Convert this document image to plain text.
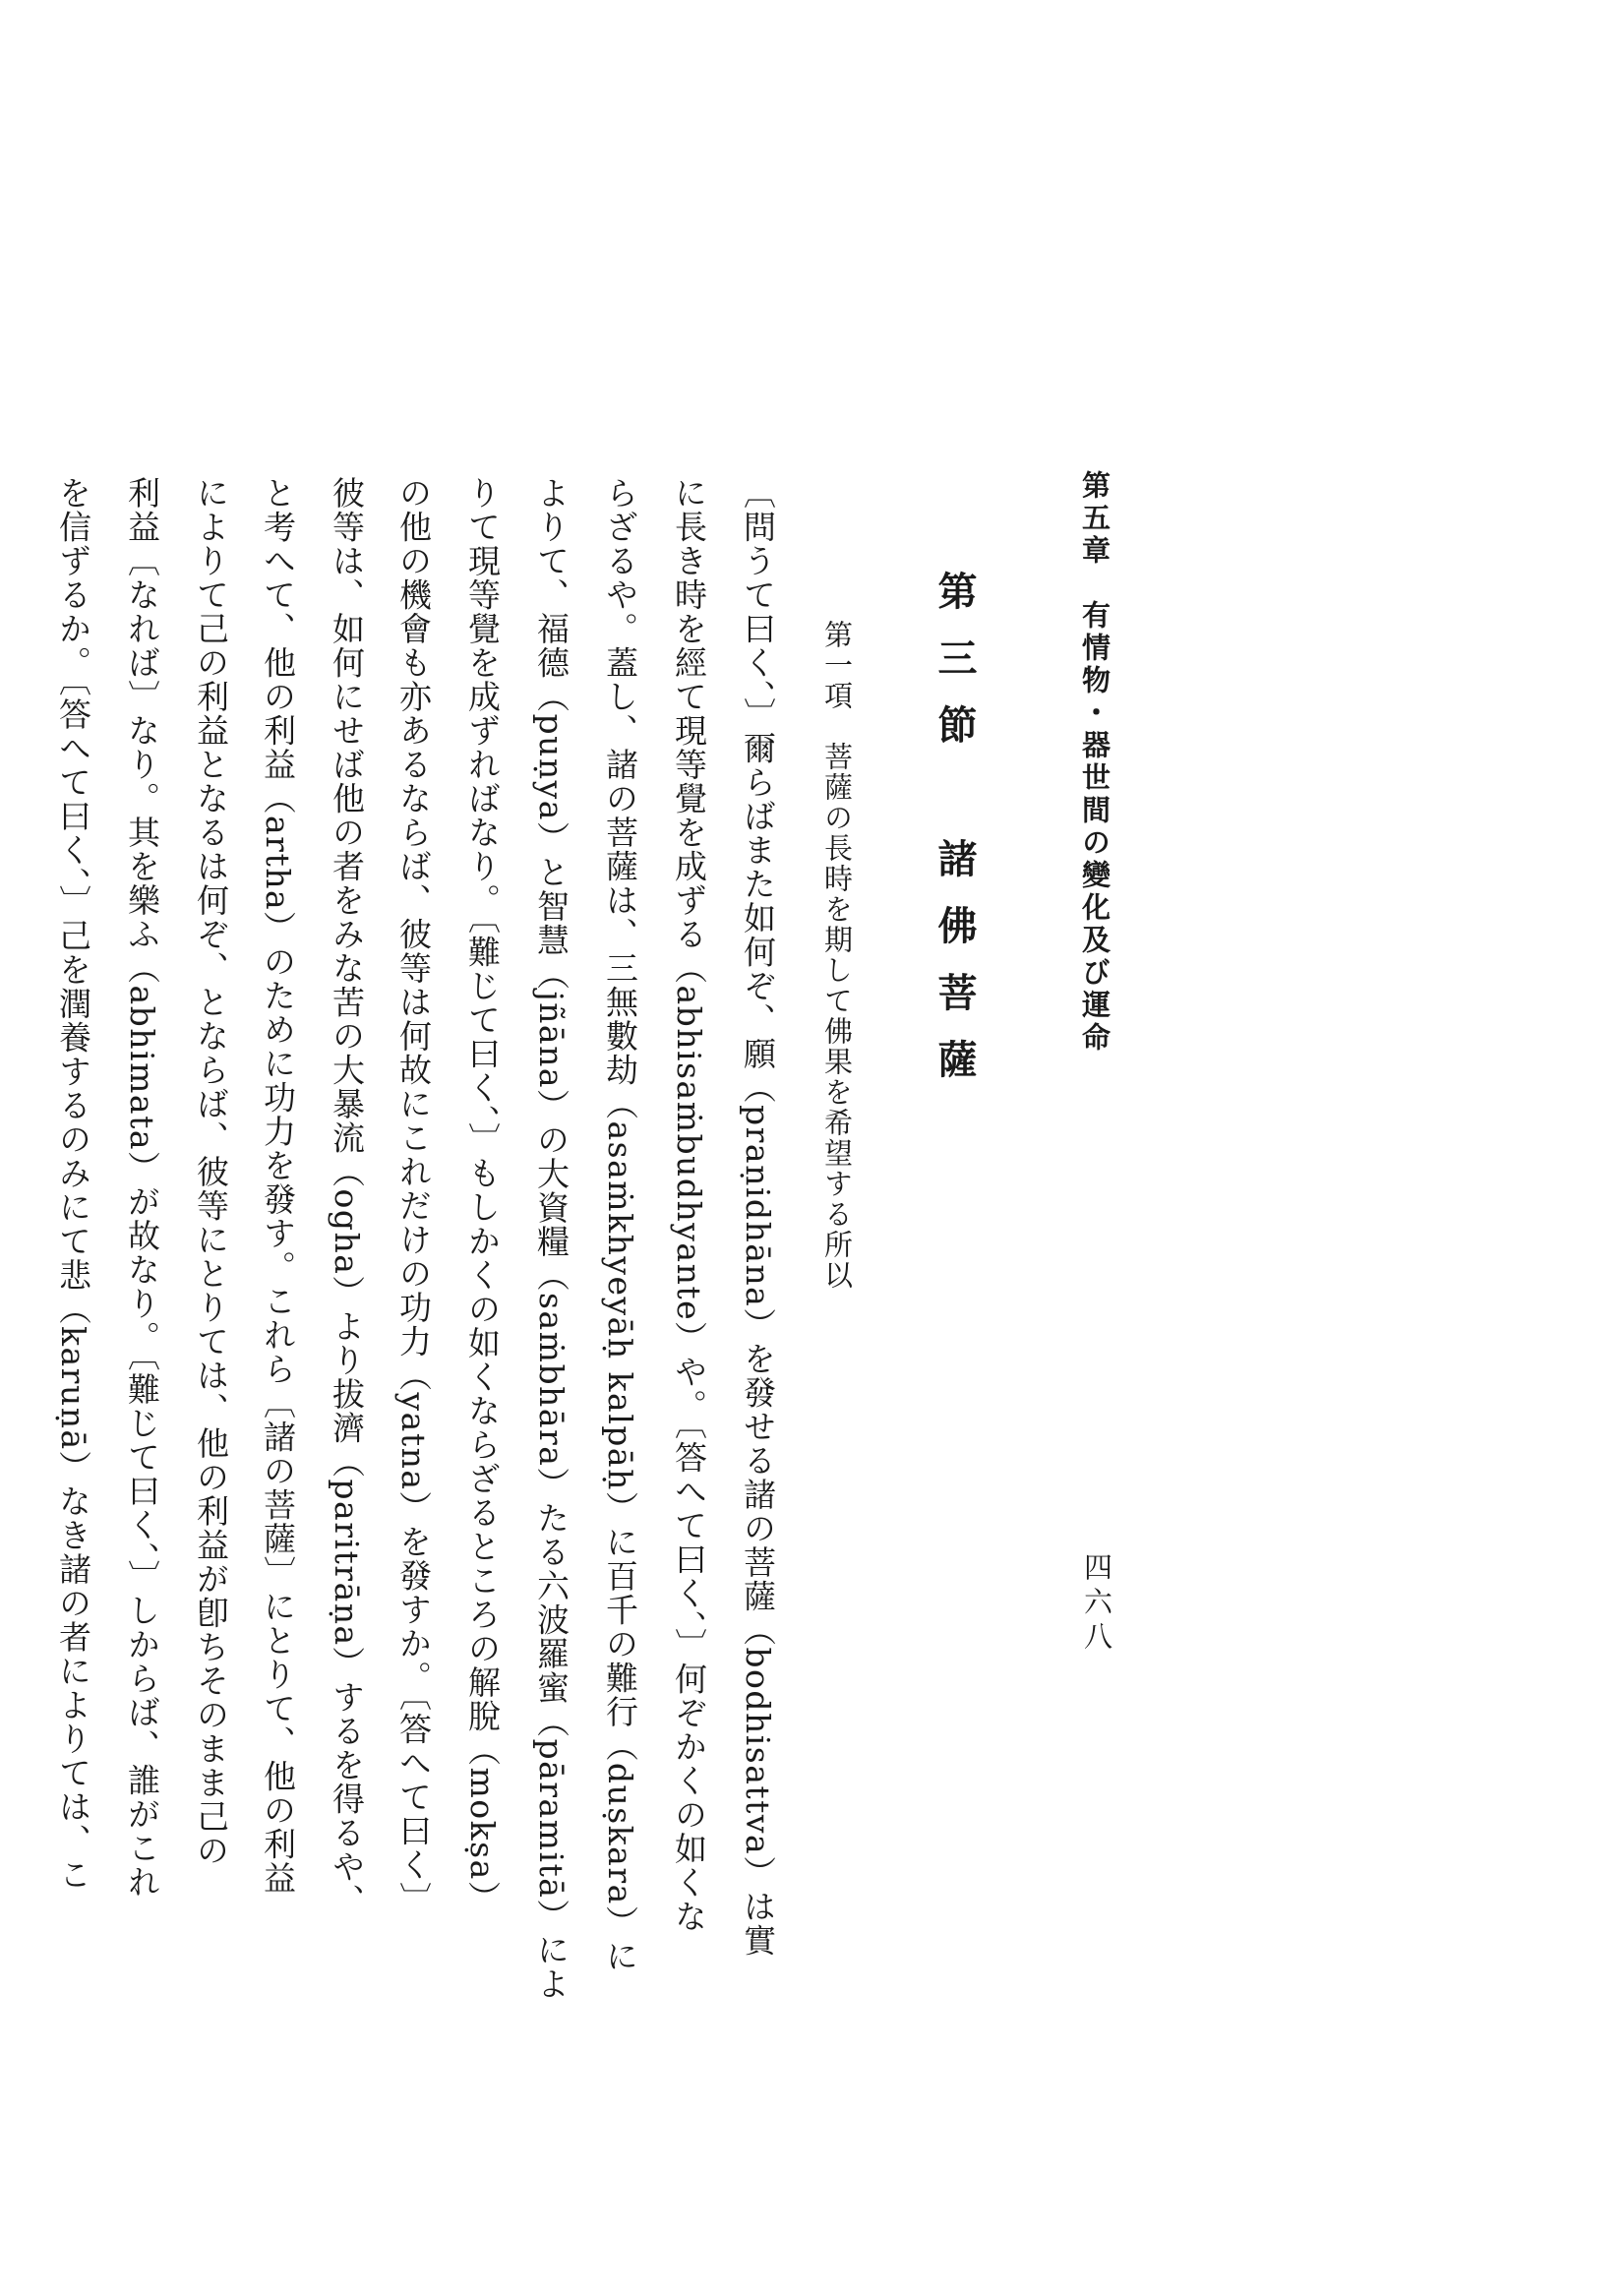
第五章　有情物・器世間の變化及び運命
四六八
第三節　諸佛菩薩
第一項　菩薩の長時を期して佛果を希望する所以
〔問うて曰く、〕爾らばまた如何ぞ、願（praṇidhāna）を發せる諸の菩薩（bodhisattva）は實
に長き時を經て現等覺を成ずる（abhisaṁbudhyante）や。〔答へて曰く、〕何ぞかくの如くな
らざるや。蓋し、諸の菩薩は、三無數劫（asaṁkhyeyāḥ kalpāḥ）に百千の難行（duṣkara）に
よりて、福德（puṇya）と智慧（jñāna）の大資糧（saṁbhāra）たる六波羅蜜（pāramitā）によ
りて現等覺を成ずればなり。〔難じて曰く、〕もしかくの如くならざるところの解脫（mokṣa）
の他の機會も亦あるならば、彼等は何故にこれだけの功力（yatna）を發すか。〔答へて曰く〕
彼等は、如何にせば他の者をみな苦の大暴流（ogha）より拔濟（paritrāṇa）するを得るや、
と考へて、他の利益（artha）のために功力を發す。これら〔諸の菩薩〕にとりて、他の利益
によりて己の利益となるは何ぞ、とならば、彼等にとりては、他の利益が卽ちそのまま己の
利益〔なれば〕なり。其を樂ふ（abhimata）が故なり。〔難じて曰く、〕しからば、誰がこれ
を信ずるか。〔答へて曰く、〕己を潤養するのみにて悲（karuṇā）なき諸の者によりては、こ
